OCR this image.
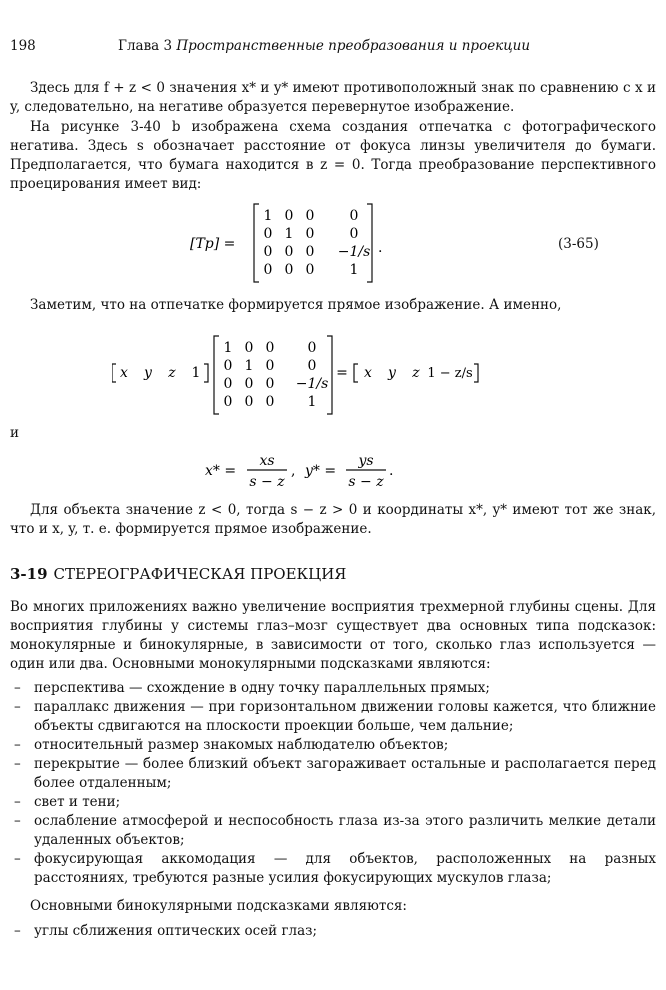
198	Глава 3 Пространственные преобразования и проекции
Здесь для f + z < 0 значения x* и y* имеют противоположный знак по сравнению с x и y, следовательно, на негативе образуется перевернутое изображение.
На рисунке 3-40 b изображена схема создания отпечатка с фотографического негатива. Здесь s обозначает расстояние от фокуса линзы увеличителя до бумаги. Предполагается, что бумага находится в z = 0. Тогда преобразование перспективного проецирования имеет вид:
[Tp] =
1 0 0	0
0 1 0	0
0 0 0 −1/s
0 0 0	1
.	(3-65)
Заметим, что на отпечатке формируется прямое изображение. А именно,
x y z 1
1 0 0 0
0 1 0 0
0 0 0 −1/s
0 0 0 1
= x y z 1 − z/s
и
x* =
xs
s − z
, y* =
ys
s − z
.
Для объекта значение z < 0, тогда s − z > 0 и координаты x*, y* имеют тот же знак, что и x, y, т. е. формируется прямое изображение.
3-19 СТЕРЕОГРАФИЧЕСКАЯ ПРОЕКЦИЯ
Во многих приложениях важно увеличение восприятия трехмерной глубины сцены. Для восприятия глубины у системы глаз–мозг существует два основных типа подсказок: монокулярные и бинокулярные, в зависимости от того, сколько глаз используется — один или два. Основными монокулярными подсказками являются:
– перспектива — схождение в одну точку параллельных прямых;
– параллакс движения — при горизонтальном движении головы кажется, что ближние объекты сдвигаются на плоскости проекции больше, чем дальние;
– относительный размер знакомых наблюдателю объектов;
– перекрытие — более близкий объект загораживает остальные и располагается перед более отдаленным;
– свет и тени;
– ослабление атмосферой и неспособность глаза из-за этого различить мелкие детали удаленных объектов;
– фокусирующая аккомодация — для объектов, расположенных на разных расстояниях, требуются разные усилия фокусирующих мускулов глаза;
Основными бинокулярными подсказками являются:
– углы сближения оптических осей глаз;
